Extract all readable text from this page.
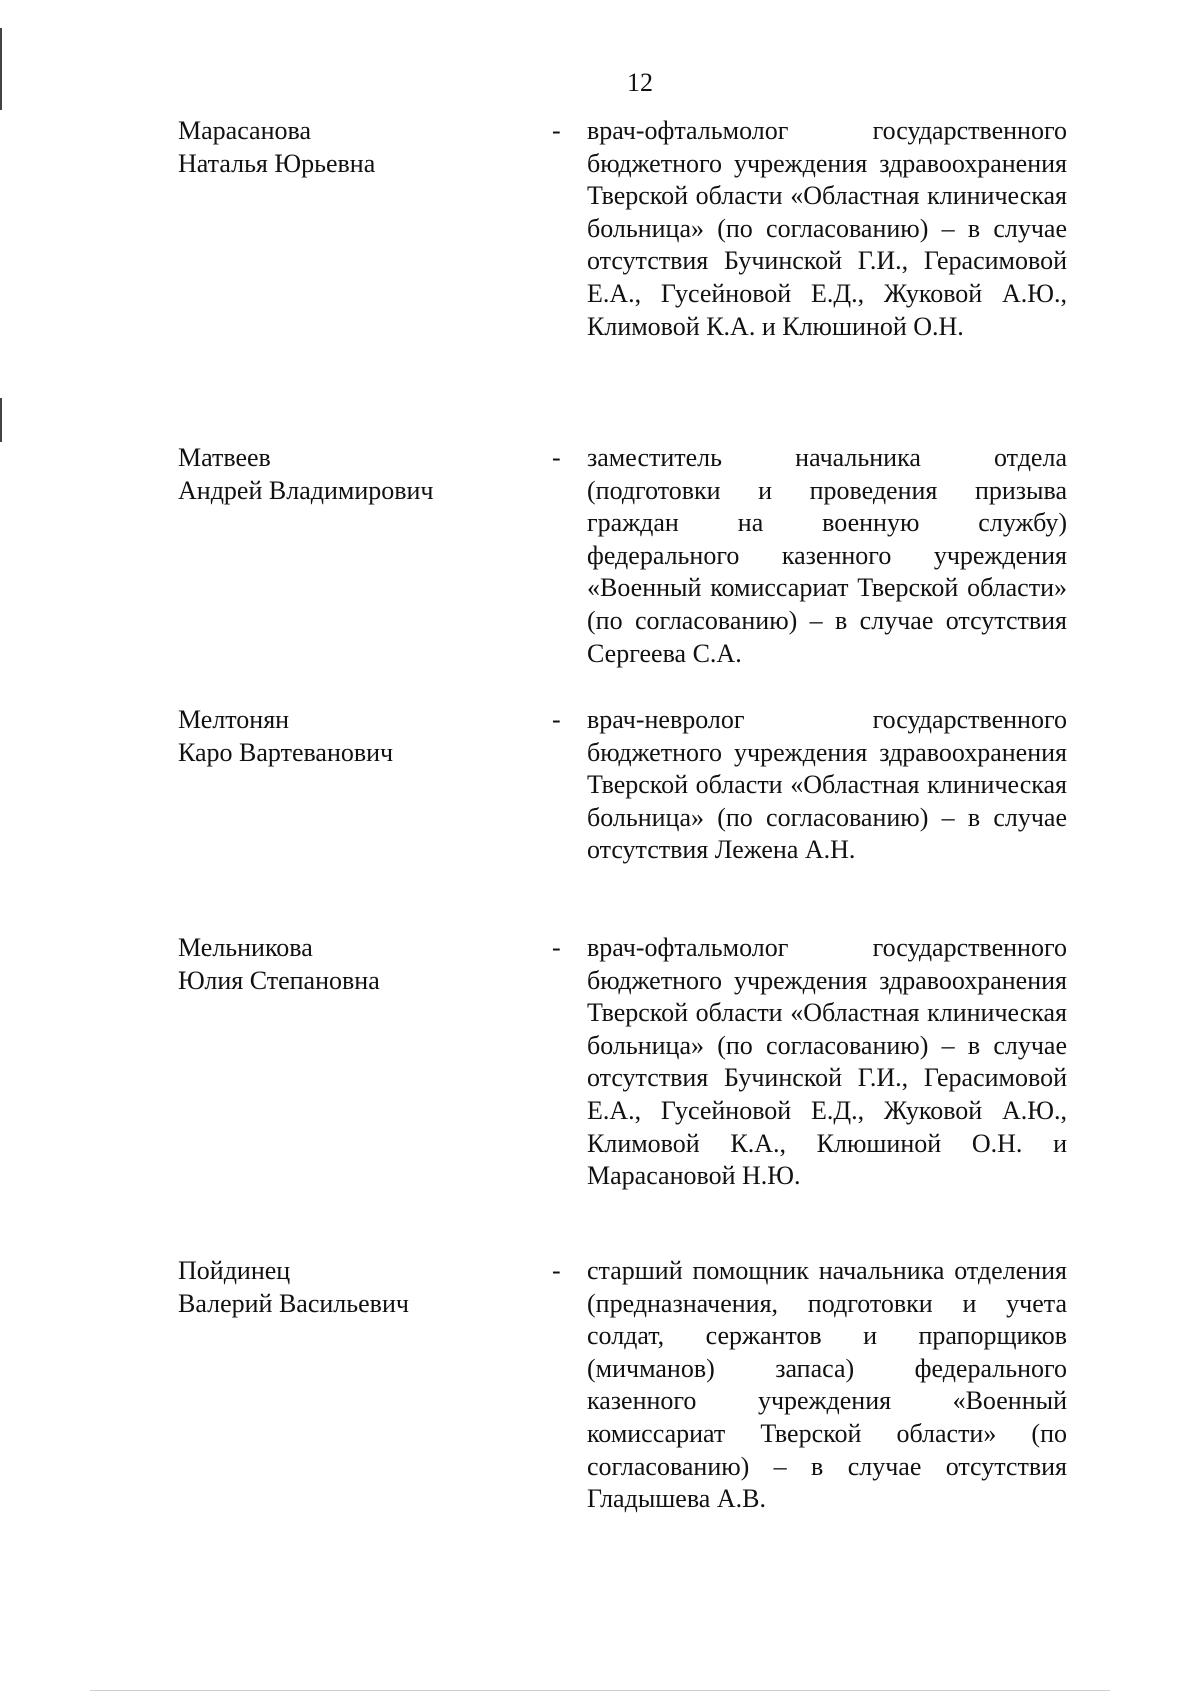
12
Марасанова
Наталья Юрьевна
- врач-офтальмолог государственного бюджетного учреждения здравоохранения Тверской области «Областная клиническая больница» (по согласованию) – в случае отсутствия Бучинской Г.И., Герасимовой Е.А., Гусейновой Е.Д., Жуковой А.Ю., Климовой К.А. и Клюшиной О.Н.
Матвеев
Андрей Владимирович
- заместитель начальника отдела (подготовки и проведения призыва граждан на военную службу) федерального казенного учреждения «Военный комиссариат Тверской области» (по согласованию) – в случае отсутствия Сергеева С.А.
Мелтонян
Каро Вартеванович
- врач-невролог государственного бюджетного учреждения здравоохранения Тверской области «Областная клиническая больница» (по согласованию) – в случае отсутствия Лежена А.Н.
Мельникова
Юлия Степановна
- врач-офтальмолог государственного бюджетного учреждения здравоохранения Тверской области «Областная клиническая больница» (по согласованию) – в случае отсутствия Бучинской Г.И., Герасимовой Е.А., Гусейновой Е.Д., Жуковой А.Ю., Климовой К.А., Клюшиной О.Н. и Марасановой Н.Ю.
Пойдинец
Валерий Васильевич
- старший помощник начальника отделения (предназначения, подготовки и учета солдат, сержантов и прапорщиков (мичманов) запаса) федерального казенного учреждения «Военный комиссариат Тверской области» (по согласованию) – в случае отсутствия Гладышева А.В.
